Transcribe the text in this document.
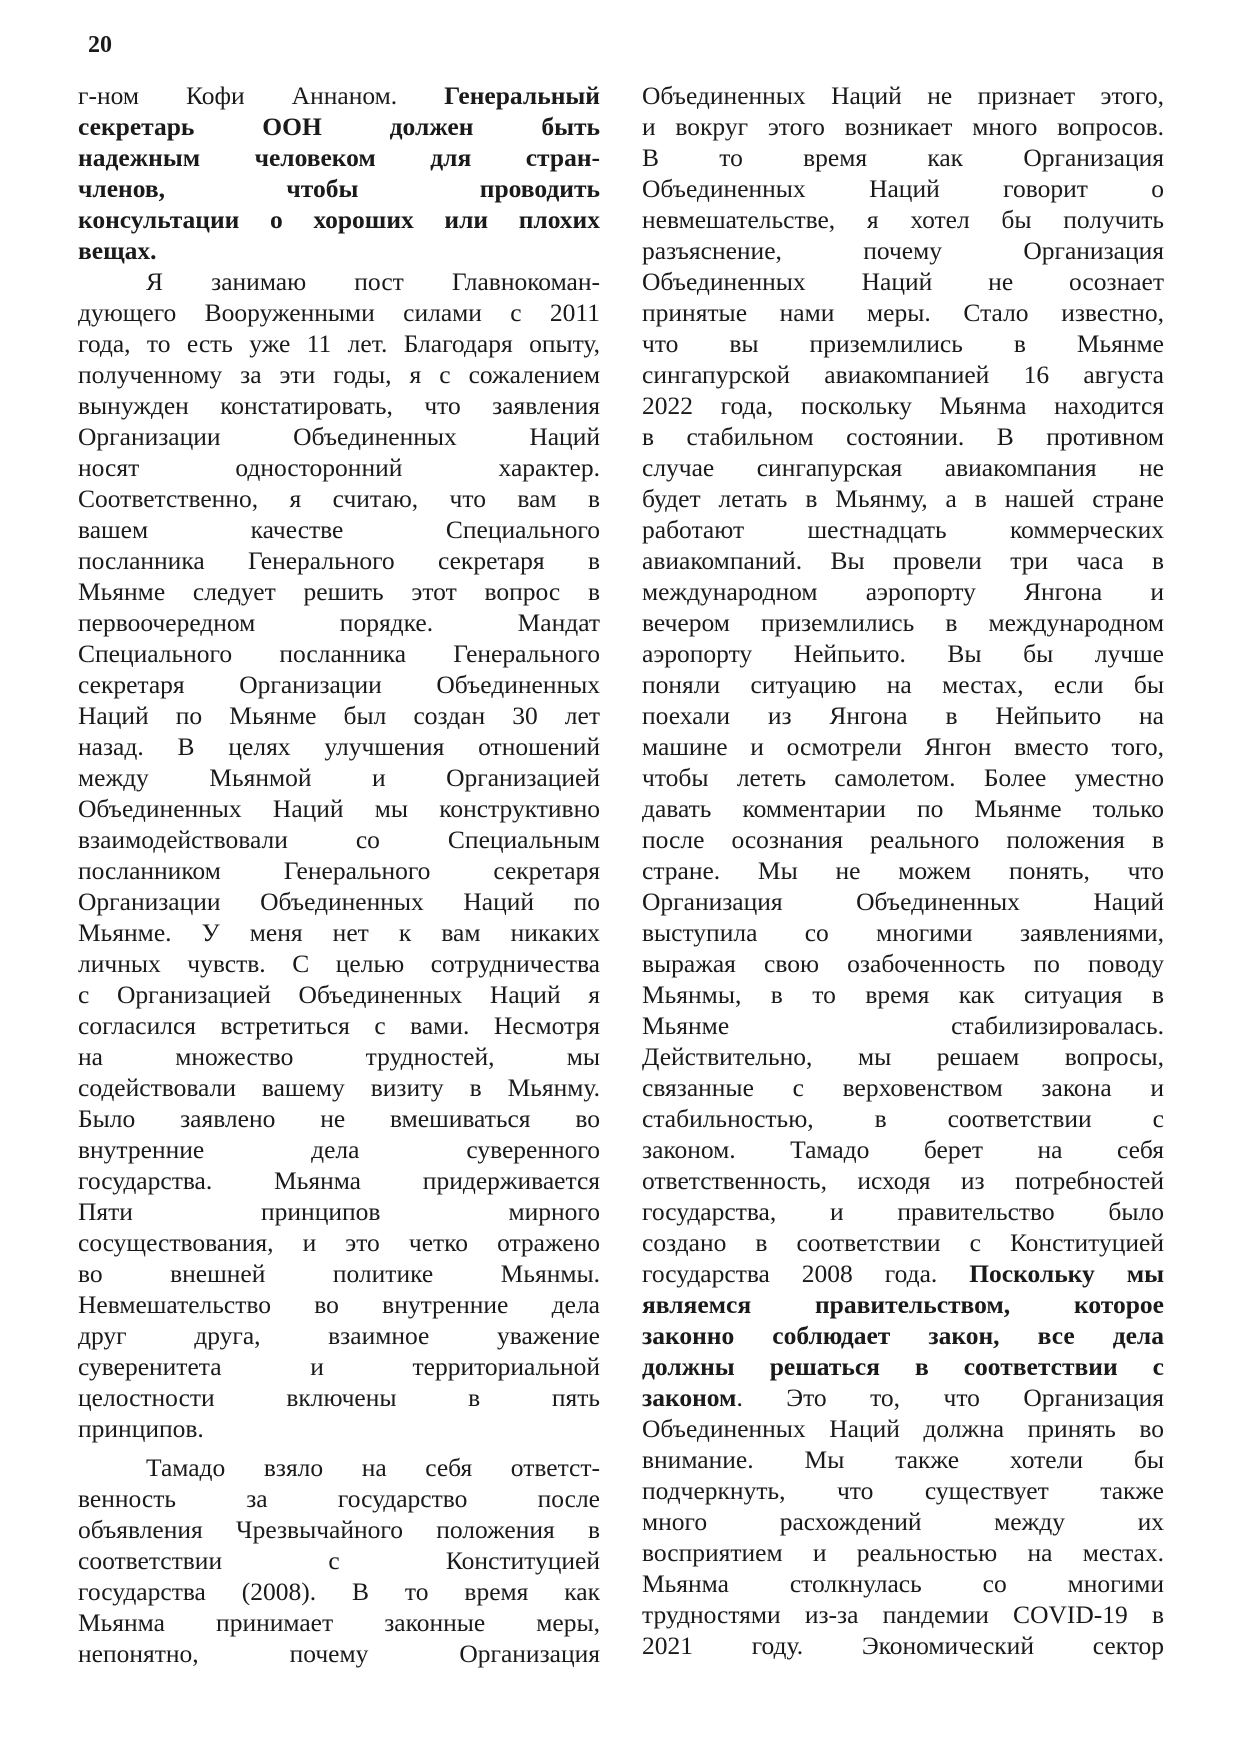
20
г-ном Кофи Аннаном. Генеральный
секретарь ООН должен быть
надежным человеком для стран-
членов, чтобы проводить
консультации о хороших или плохих
вещах.
Я занимаю пост Главнокоман-
дующего Вооруженными силами с 2011
года, то есть уже 11 лет. Благодаря опыту,
полученному за эти годы, я с сожалением
вынужден констатировать, что заявления
Организации Объединенных Наций
носят односторонний характер.
Соответственно, я считаю, что вам в
вашем качестве Специального
посланника Генерального секретаря в
Мьянме следует решить этот вопрос в
первоочередном порядке. Мандат
Специального посланника Генерального
секретаря Организации Объединенных
Наций по Мьянме был создан 30 лет
назад. В целях улучшения отношений
между Мьянмой и Организацией
Объединенных Наций мы конструктивно
взаимодействовали со Специальным
посланником Генерального секретаря
Организации Объединенных Наций по
Мьянме. У меня нет к вам никаких
личных чувств. С целью сотрудничества
с Организацией Объединенных Наций я
согласился встретиться с вами. Несмотря
на множество трудностей, мы
содействовали вашему визиту в Мьянму.
Было заявлено не вмешиваться во
внутренние дела суверенного
государства. Мьянма придерживается
Пяти принципов мирного
сосуществования, и это четко отражено
во внешней политике Мьянмы.
Невмешательство во внутренние дела
друг друга, взаимное уважение
суверенитета и территориальной
целостности включены в пять
принципов.
Тамадо взяло на себя ответст-
венность за государство после
объявления Чрезвычайного положения в
соответствии с Конституцией
государства (2008). В то время как
Мьянма принимает законные меры,
непонятно, почему Организация
Объединенных Наций не признает этого,
и вокруг этого возникает много вопросов.
В то время как Организация
Объединенных Наций говорит о
невмешательстве, я хотел бы получить
разъяснение, почему Организация
Объединенных Наций не осознает
принятые нами меры. Стало известно,
что вы приземлились в Мьянме
сингапурской авиакомпанией 16 августа
2022 года, поскольку Мьянма находится
в стабильном состоянии. В противном
случае сингапурская авиакомпания не
будет летать в Мьянму, а в нашей стране
работают шестнадцать коммерческих
авиакомпаний. Вы провели три часа в
международном аэропорту Янгона и
вечером приземлились в международном
аэропорту Нейпьито. Вы бы лучше
поняли ситуацию на местах, если бы
поехали из Янгона в Нейпьито на
машине и осмотрели Янгон вместо того,
чтобы лететь самолетом. Более уместно
давать комментарии по Мьянме только
после осознания реального положения в
стране. Мы не можем понять, что
Организация Объединенных Наций
выступила со многими заявлениями,
выражая свою озабоченность по поводу
Мьянмы, в то время как ситуация в
Мьянме стабилизировалась.
Действительно, мы решаем вопросы,
связанные с верховенством закона и
стабильностью, в соответствии с
законом. Тамадо берет на себя
ответственность, исходя из потребностей
государства, и правительство было
создано в соответствии с Конституцией
государства 2008 года. Поскольку мы
являемся правительством, которое
законно соблюдает закон, все дела
должны решаться в соответствии с
законом. Это то, что Организация
Объединенных Наций должна принять во
внимание. Мы также хотели бы
подчеркнуть, что существует также
много расхождений между их
восприятием и реальностью на местах.
Мьянма столкнулась со многими
трудностями из-за пандемии COVID-19 в
2021 году. Экономический сектор
